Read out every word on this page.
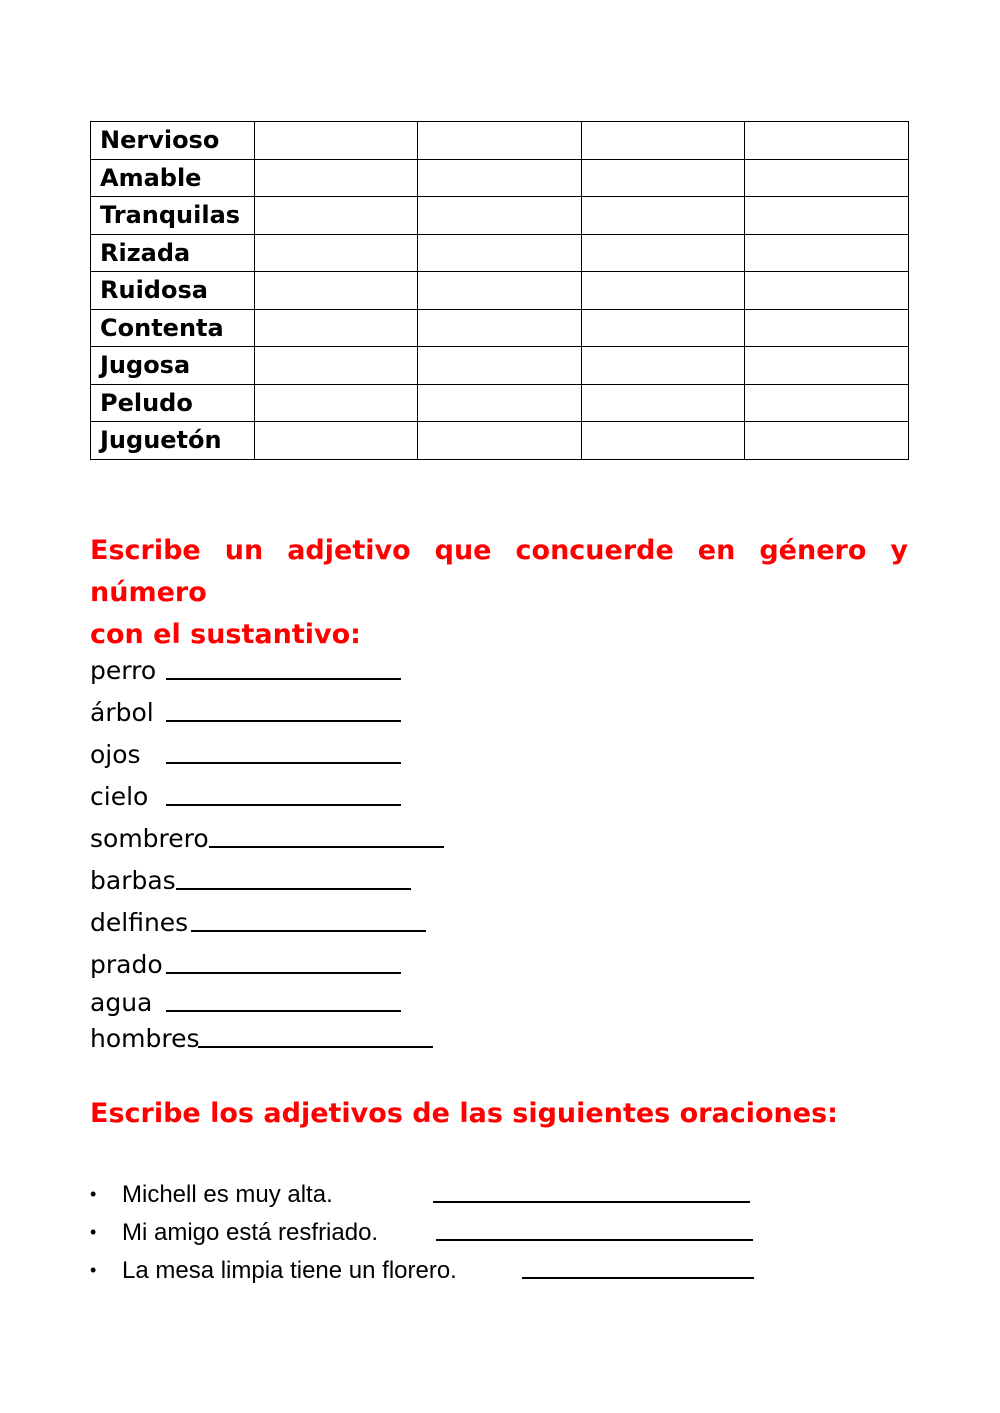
Nervioso				
Amable				
Tranquilas				
Rizada				
Ruidosa				
Contenta				
Jugosa				
Peludo				
Juguetón				
Escribe un adjetivo que concuerde en género y número
con el sustantivo:
perro
árbol
ojos
cielo
sombrero
barbas
delfines
prado
agua
hombres
Escribe los adjetivos de las siguientes oraciones:
• Michell es muy alta.
• Mi amigo está resfriado.
• La mesa limpia tiene un florero.
